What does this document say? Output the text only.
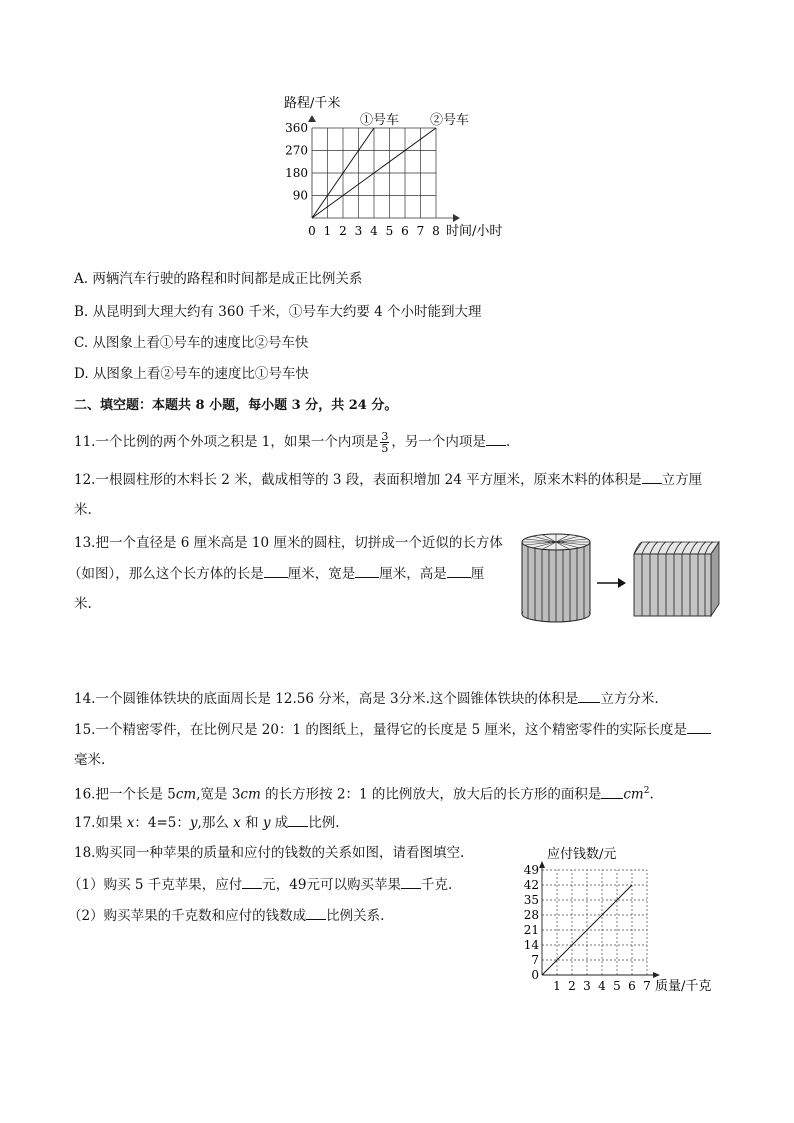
路程/千米
①号车 ②号车
360
270
180
90
0 1 2 3 4 5 6 7 8 时间/小时
A. 两辆汽车行驶的路程和时间都是成正比例关系
B. 从昆明到大理大约有 360 千米，①号车大约要 4 个小时能到大理
C. 从图象上看①号车的速度比②号车快
D. 从图象上看②号车的速度比①号车快
二、填空题：本题共 8 小题，每小题 3 分，共 24 分。
11.一个比例的两个外项之积是 1，如果一个内项是 $\frac{3}{5}$ ，另一个内项是 .
12.一根圆柱形的木料长 2 米，截成相等的 3 段，表面积增加 24 平方厘米，原来木料的体积是 立方厘
米.
13.把一个直径是 6 厘米高是 10 厘米的圆柱，切拼成一个近似的长方体
（如图），那么这个长方体的长是 厘米，宽是 厘米，高是 厘
米.
14.一个圆锥体铁块的底面周长是 12.56 分米，高是 3分米.这个圆锥体铁块的体积是 立方分米.
15.一个精密零件，在比例尺是 20：1 的图纸上，量得它的长度是 5 厘米，这个精密零件的实际长度是
毫米.
16.把一个长是 5cm,宽是 3cm 的长方形按 2：1 的比例放大，放大后的长方形的面积是 $cm^2$.
17.如果 x：4=5：y,那么 x 和 y 成 比例.
18.购买同一种苹果的质量和应付的钱数的关系如图，请看图填空.
（1）购买 5 千克苹果，应付 元，49元可以购买苹果 千克.
（2）购买苹果的千克数和应付的钱数成 比例关系.
应付钱数/元
49
42
35
28
21
14
7
0
1 2 3 4 5 6 7 质量/千克
